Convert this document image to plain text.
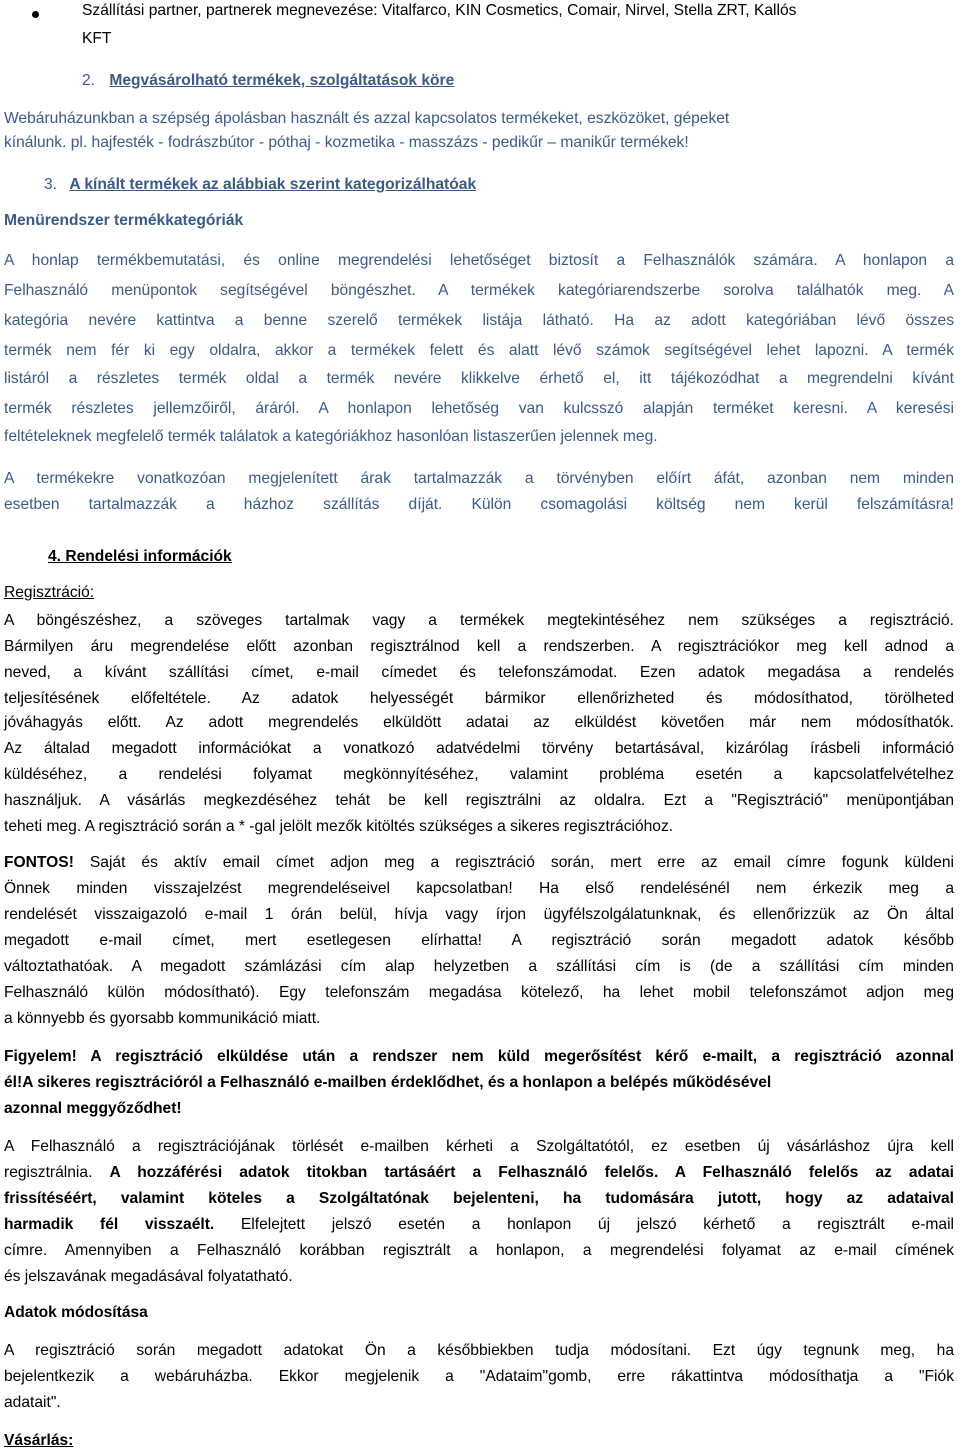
Szállítási partner, partnerek megnevezése: Vitalfarco, KIN Cosmetics, Comair, Nirvel, Stella ZRT, Kallós
KFT
2. Megvásárolható termékek, szolgáltatások köre
Webáruházunkban a szépség ápolásban használt és azzal kapcsolatos termékeket, eszközöket, gépeket
kínálunk. pl. hajfesték - fodrászbútor - póthaj - kozmetika - masszázs - pedikűr – manikűr termékek!
3. A kínált termékek az alábbiak szerint kategorizálhatóak
Menürendszer termékkategóriák
A honlap termékbemutatási, és online megrendelési lehetőséget biztosít a Felhasználók számára. A honlapon a
Felhasználó menüpontok segítségével böngészhet. A termékek kategóriarendszerbe sorolva találhatók meg. A
kategória nevére kattintva a benne szerelő termékek listája látható. Ha az adott kategóriában lévő összes
termék nem fér ki egy oldalra, akkor a termékek felett és alatt lévő számok segítségével lehet lapozni. A termék
listáról a részletes termék oldal a termék nevére klikkelve érhető el, itt tájékozódhat a megrendelni kívánt
termék részletes jellemzőiről, áráról. A honlapon lehetőség van kulcsszó alapján terméket keresni. A keresési
feltételeknek megfelelő termék találatok a kategóriákhoz hasonlóan listaszerűen jelennek meg.
A termékekre vonatkozóan megjelenített árak tartalmazzák a törvényben előírt áfát, azonban nem minden
esetben tartalmazzák a házhoz szállítás díját. Külön csomagolási költség nem kerül felszámításra!
4. Rendelési információk
Regisztráció:
A böngészéshez, a szöveges tartalmak vagy a termékek megtekintéséhez nem szükséges a regisztráció.
Bármilyen áru megrendelése előtt azonban regisztrálnod kell a rendszerben. A regisztrációkor meg kell adnod a
neved, a kívánt szállítási címet, e-mail címedet és telefonszámodat. Ezen adatok megadása a rendelés
teljesítésének előfeltétele. Az adatok helyességét bármikor ellenőrizheted és módosíthatod, törölheted
jóváhagyás előtt. Az adott megrendelés elküldött adatai az elküldést követően már nem módosíthatók.
Az általad megadott információkat a vonatkozó adatvédelmi törvény betartásával, kizárólag írásbeli információ
küldéséhez, a rendelési folyamat megkönnyítéséhez, valamint probléma esetén a kapcsolatfelvételhez
használjuk. A vásárlás megkezdéséhez tehát be kell regisztrálni az oldalra. Ezt a "Regisztráció" menüpontjában
teheti meg. A regisztráció során a * -gal jelölt mezők kitöltés szükséges a sikeres regisztrációhoz.
FONTOS! Saját és aktív email címet adjon meg a regisztráció során, mert erre az email címre fogunk küldeni
Önnek minden visszajelzést megrendeléseivel kapcsolatban! Ha első rendelésénél nem érkezik meg a
rendelését visszaigazoló e-mail 1 órán belül, hívja vagy írjon ügyfélszolgálatunknak, és ellenőrizzük az Ön által
megadott e-mail címet, mert esetlegesen elírhatta! A regisztráció során megadott adatok később
változtathatóak. A megadott számlázási cím alap helyzetben a szállítási cím is (de a szállítási cím minden
Felhasználó külön módosítható). Egy telefonszám megadása kötelező, ha lehet mobil telefonszámot adjon meg
a könnyebb és gyorsabb kommunikáció miatt.
Figyelem! A regisztráció elküldése után a rendszer nem küld megerősítést kérő e-mailt, a regisztráció azonnal
él!A sikeres regisztrációról a Felhasználó e-mailben érdeklődhet, és a honlapon a belépés működésével
azonnal meggyőződhet!
A Felhasználó a regisztrációjának törlését e-mailben kérheti a Szolgáltatótól, ez esetben új vásárláshoz újra kell
regisztrálnia. A hozzáférési adatok titokban tartásáért a Felhasználó felelős. A Felhasználó felelős az adatai
frissítéséért, valamint köteles a Szolgáltatónak bejelenteni, ha tudomására jutott, hogy az adataival
harmadik fél visszaélt. Elfelejtett jelszó esetén a honlapon új jelszó kérhető a regisztrált e-mail
címre. Amennyiben a Felhasználó korábban regisztrált a honlapon, a megrendelési folyamat az e-mail címének
és jelszavának megadásával folyatatható.
Adatok módosítása
A regisztráció során megadott adatokat Ön a későbbiekben tudja módosítani. Ezt úgy tegnunk meg, ha
bejelentkezik a webáruházba. Ekkor megjelenik a "Adataim"gomb, erre rákattintva módosíthatja a "Fiók
adatait".
Vásárlás:
